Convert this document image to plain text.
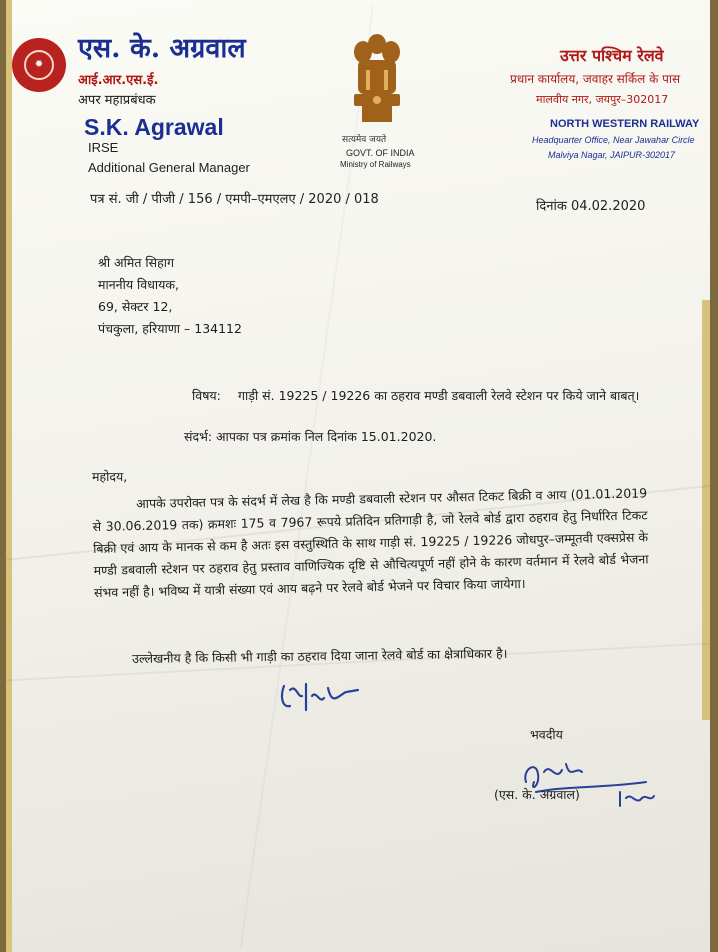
✹
एस. के. अग्रवाल
आई.आर.एस.ई.
अपर महाप्रबंधक
S.K. Agrawal
IRSE
Additional General Manager
पत्र सं. जी / पीजी / 156 / एमपी–एमएलए / 2020 / 018
सत्यमेव जयते
GOVT. OF INDIA
Ministry of Railways
उत्तर पश्चिम रेलवे
प्रधान कार्यालय, जवाहर सर्किल के पास
मालवीय नगर, जयपुर–302017
NORTH WESTERN RAILWAY
Headquarter Office, Near Jawahar Circle
Malviya Nagar, JAIPUR-302017
दिनांक 04.02.2020
श्री अमित सिहाग
माननीय विधायक,
69, सेक्टर 12,
पंचकुला, हरियाणा – 134112
विषय:	गाड़ी सं. 19225 / 19226 का ठहराव मण्डी डबवाली रेलवे स्टेशन पर किये जाने बाबत्।
संदर्भ: आपका पत्र क्रमांक निल दिनांक 15.01.2020.
महोदय,
आपके उपरोक्त पत्र के संदर्भ में लेख है कि मण्डी डबवाली स्टेशन पर औसत टिकट बिक्री व आय (01.01.2019 से 30.06.2019 तक) क्रमशः 175 व 7967 रूपये प्रतिदिन प्रतिगाड़ी है, जो रेलवे बोर्ड द्वारा ठहराव हेतु निर्धारित टिकट बिक्री एवं आय के मानक से कम है अतः इस वस्तुस्थिति के साथ गाड़ी सं. 19225 / 19226 जोधपुर–जम्मूतवी एक्सप्रेस के मण्डी डबवाली स्टेशन पर ठहराव हेतु प्रस्ताव वाणिज्यिक दृष्टि से औचित्यपूर्ण नहीं होने के कारण वर्तमान में रेलवे बोर्ड भेजना संभव नहीं है। भविष्य में यात्री संख्या एवं आय बढ़ने पर रेलवे बोर्ड भेजने पर विचार किया जायेगा।
उल्लेखनीय है कि किसी भी गाड़ी का ठहराव दिया जाना रेलवे बोर्ड का क्षेत्राधिकार है।
भवदीय
(एस. के. अग्रवाल)
